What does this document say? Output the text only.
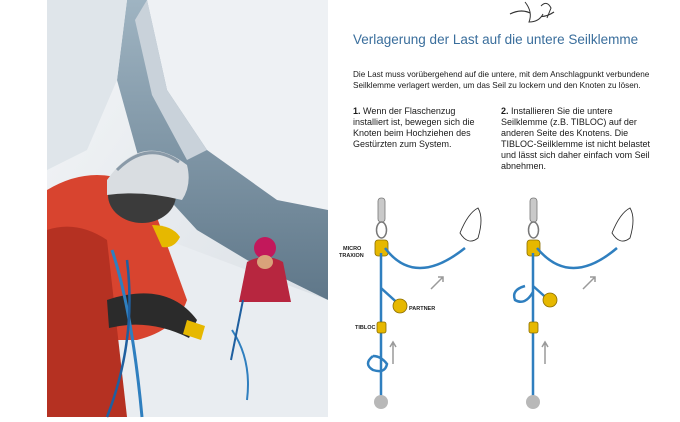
© Boris Dufour
Verlagerung der Last auf die untere Seilklemme

Die Last muss vorübergehend auf die untere, mit dem Anschlagpunkt verbundene Seilklemme verlagert werden, um das Seil zu lockern und den Knoten zu lösen.

1. Wenn der Flaschenzug installiert ist, bewegen sich die Knoten beim Hochziehen des Gestürzten zum System.
2. Installieren Sie die untere Seilklemme (z.B. TIBLOC) auf der anderen Seite des Knotens. Die TIBLOC-Seilklemme ist nicht belastet und lässt sich daher einfach vom Seil abnehmen.
MICRO
TRAXION
PARTNER
TIBLOC
